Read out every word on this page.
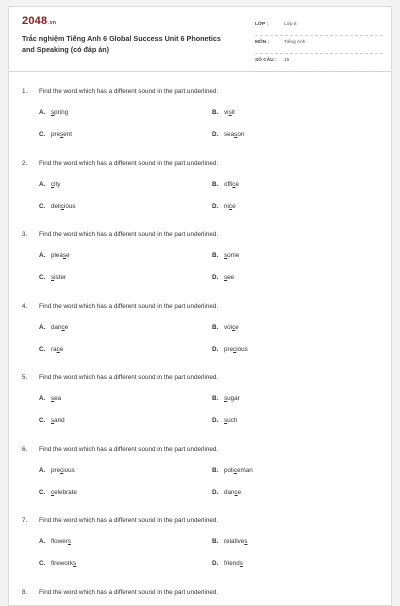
2048.vn
Trắc nghiệm Tiếng Anh 6 Global Success Unit 6 Phonetics and Speaking (có đáp án)
LỚP :	Lớp 6
MÔN :	Tiếng Anh
SỐ CÂU : 15
1. Find the word which has a different sound in the part underlined.
A. spring	B. visit
C. present	D. season
2. Find the word which has a different sound in the part underlined.
A. city	B. office
C. delicious	D. nice
3. Find the word which has a different sound in the part underlined.
A. please	B. some
C. sister	D. see
4. Find the word which has a different sound in the part underlined.
A. dance	B. voice
C. race	D. precious
5. Find the word which has a different sound in the part underlined.
A. sea	B. sugar
C. sand	D. such
6. Find the word which has a different sound in the part underlined.
A. precious	B. policeman
C. celebrate	D. dance
7. Find the word which has a different sound in the part underlined.
A. flowers	B. relatives
C. fireworks	D. friends
8. Find the word which has a different sound in the part underlined.
